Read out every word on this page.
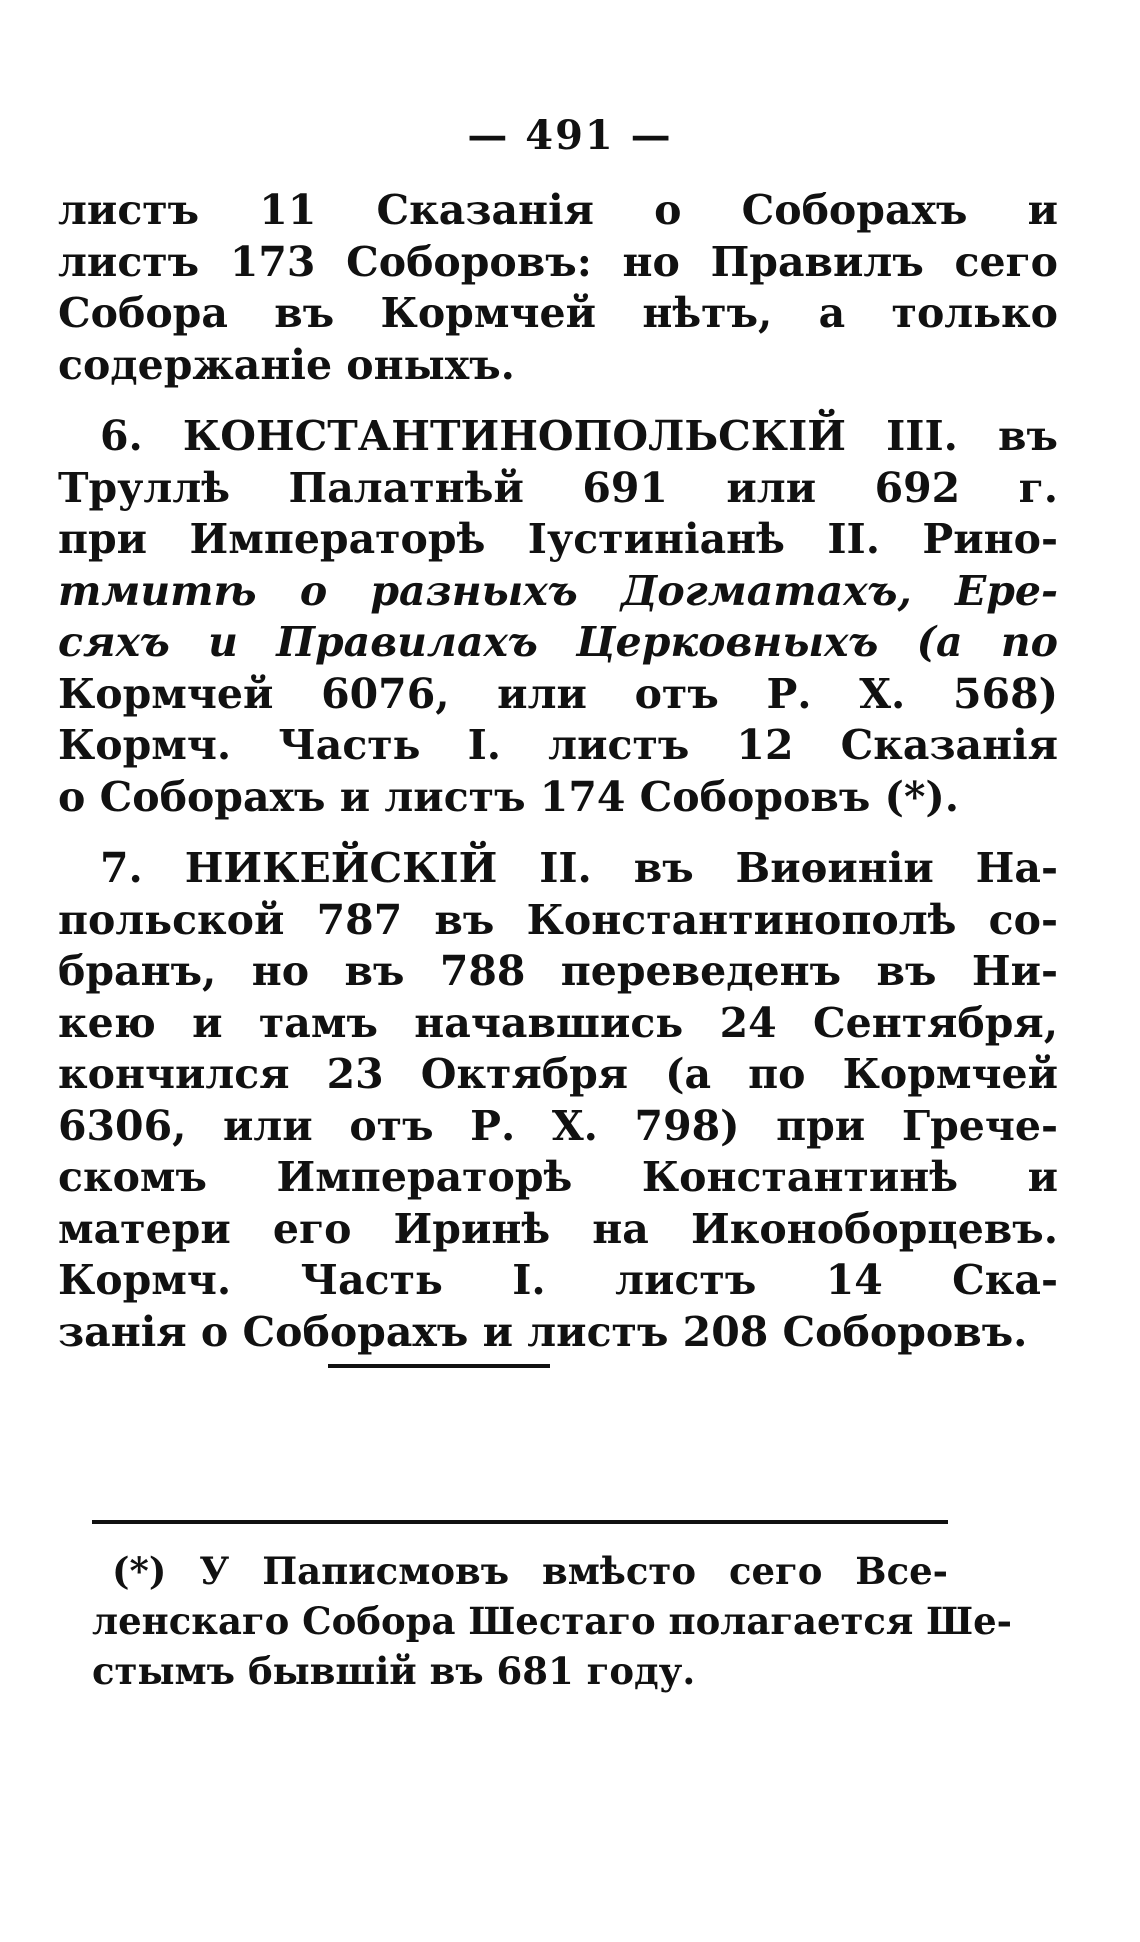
— 491 —
листъ 11 Сказанія о Соборахъ и
листъ 173 Соборовъ: но Правилъ сего
Собора въ Кормчей нѣтъ, а только
содержаніе оныхъ.
6. КОНСТАНТИНОПОЛЬСКІЙ III. въ
Труллѣ Палатнѣй 691 или 692 г.
при Императорѣ Іустиніанѣ II. Рино-
тмитѣ о разныхъ Догматахъ, Ере-
сяхъ и Правилахъ Церковныхъ (а по
Кормчей 6076, или отъ Р. Х. 568)
Кормч. Часть I. листъ 12 Сказанія
о Соборахъ и листъ 174 Соборовъ (*).
7. НИКЕЙСКІЙ II. въ Виѳиніи На-
польской 787 въ Константинополѣ со-
бранъ, но въ 788 переведенъ въ Ни-
кею и тамъ начавшись 24 Сентября,
кончился 23 Октября (а по Кормчей
6306, или отъ Р. Х. 798) при Грече-
скомъ Императорѣ Константинѣ и
матери его Иринѣ на Иконоборцевъ.
Кормч. Часть I. листъ 14 Ска-
занія о Соборахъ и листъ 208 Соборовъ.
(*) У Паписмовъ вмѣсто сего Все-
ленскаго Собора Шестаго полагается Ше-
стымъ бывшій въ 681 году.
